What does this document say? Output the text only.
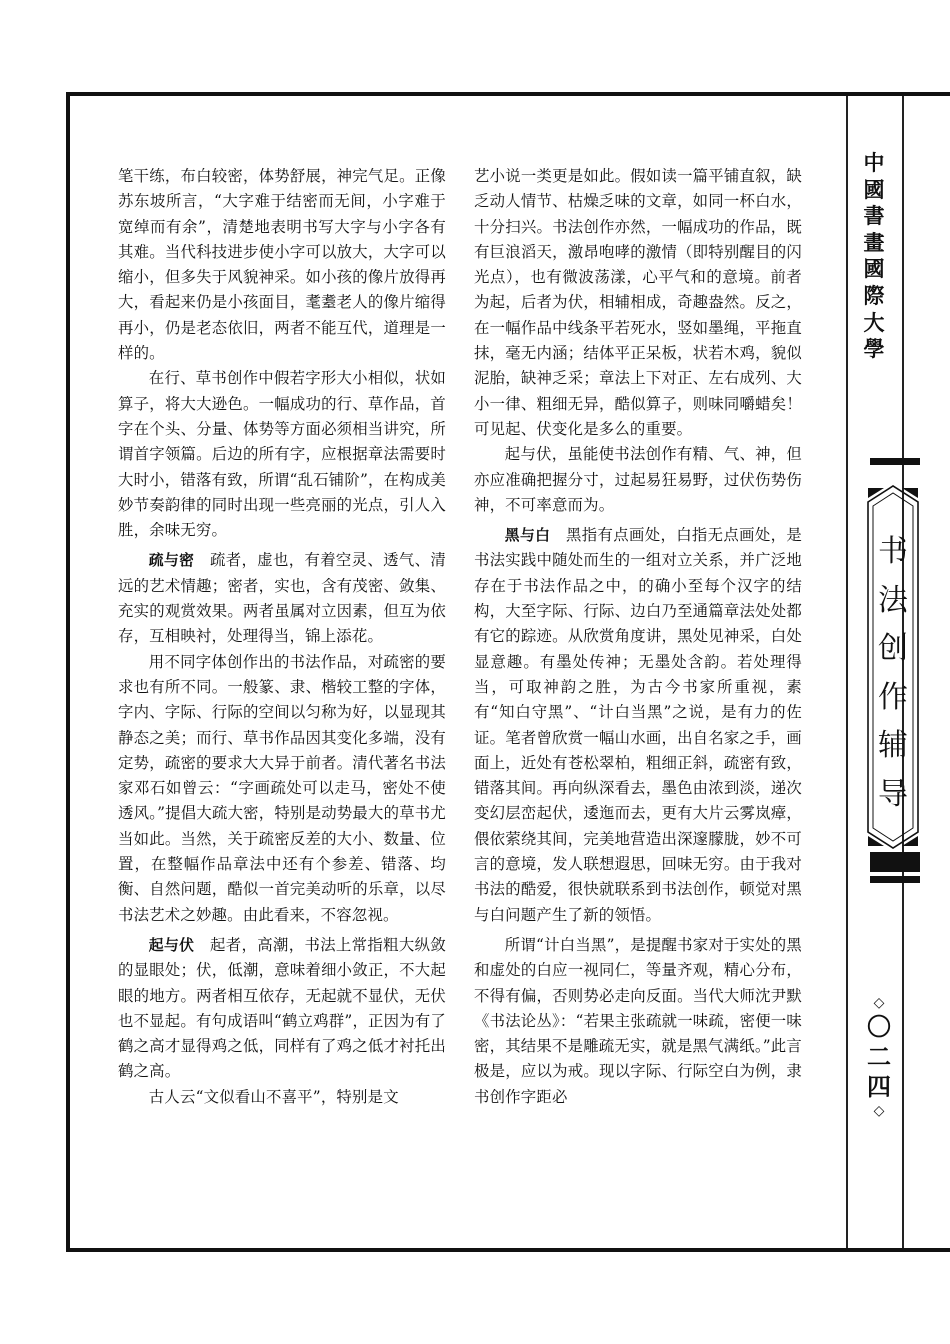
笔干练，布白较密，体势舒展，神完气足。正像苏东坡所言，“大字难于结密而无间，小字难于宽绰而有余”，清楚地表明书写大字与小字各有其难。当代科技进步使小字可以放大，大字可以缩小，但多失于风貌神采。如小孩的像片放得再大，看起来仍是小孩面目，耄耋老人的像片缩得再小，仍是老态依旧，两者不能互代，道理是一样的。

在行、草书创作中假若字形大小相似，状如算子，将大大逊色。一幅成功的行、草作品，首字在个头、分量、体势等方面必须相当讲究，所谓首字领篇。后边的所有字，应根据章法需要时大时小，错落有致，所谓“乱石铺阶”，在构成美妙节奏韵律的同时出现一些亮丽的光点，引人入胜，余味无穷。

疏与密  疏者，虚也，有着空灵、透气、清远的艺术情趣；密者，实也，含有茂密、敛集、充实的观赏效果。两者虽属对立因素，但互为依存，互相映衬，处理得当，锦上添花。

用不同字体创作出的书法作品，对疏密的要求也有所不同。一般篆、隶、楷较工整的字体，字内、字际、行际的空间以匀称为好，以显现其静态之美；而行、草书作品因其变化多端，没有定势，疏密的要求大大异于前者。清代著名书法家邓石如曾云：“字画疏处可以走马，密处不使透风。”提倡大疏大密，特别是动势最大的草书尤当如此。当然，关于疏密反差的大小、数量、位置，在整幅作品章法中还有个参差、错落、均衡、自然问题，酷似一首完美动听的乐章，以尽书法艺术之妙趣。由此看来，不容忽视。

起与伏  起者，高潮，书法上常指粗大纵敛的显眼处；伏，低潮，意味着细小敛正，不大起眼的地方。两者相互依存，无起就不显伏，无伏也不显起。有句成语叫“鹤立鸡群”，正因为有了鹤之高才显得鸡之低，同样有了鸡之低才衬托出鹤之高。

古人云“文似看山不喜平”，特别是文

艺小说一类更是如此。假如读一篇平铺直叙，缺乏动人情节、枯燥乏味的文章，如同一杯白水，十分扫兴。书法创作亦然，一幅成功的作品，既有巨浪滔天，激昂咆哮的激情（即特别醒目的闪光点），也有微波荡漾，心平气和的意境。前者为起，后者为伏，相辅相成，奇趣盎然。反之，在一幅作品中线条平若死水，竖如墨绳，平拖直抹，毫无内涵；结体平正呆板，状若木鸡，貌似泥胎，缺神乏采；章法上下对正、左右成列、大小一律、粗细无异，酷似算子，则味同嚼蜡矣！可见起、伏变化是多么的重要。

起与伏，虽能使书法创作有精、气、神，但亦应准确把握分寸，过起易狂易野，过伏伤势伤神，不可率意而为。

黑与白  黑指有点画处，白指无点画处，是书法实践中随处而生的一组对立关系，并广泛地存在于书法作品之中，的确小至每个汉字的结构，大至字际、行际、边白乃至通篇章法处处都有它的踪迹。从欣赏角度讲，黑处见神采，白处显意趣。有墨处传神；无墨处含韵。若处理得当，可取神韵之胜，为古今书家所重视，素有“知白守黑”、“计白当黑”之说，是有力的佐证。笔者曾欣赏一幅山水画，出自名家之手，画面上，近处有苍松翠柏，粗细正斜，疏密有致，错落其间。再向纵深看去，墨色由浓到淡，递次变幻层峦起伏，逶迤而去，更有大片云雾岚瘴，偎依萦绕其间，完美地营造出深邃朦胧，妙不可言的意境，发人联想遐思，回味无穷。由于我对书法的酷爱，很快就联系到书法创作，顿觉对黑与白问题产生了新的领悟。

所谓“计白当黑”，是提醒书家对于实处的黑和虚处的白应一视同仁，等量齐观，精心分布，不得有偏，否则势必走向反面。当代大师沈尹默《书法论丛》：“若果主张疏就一味疏，密便一味密，其结果不是雕疏无实，就是黑气满纸。”此言极是，应以为戒。现以字际、行际空白为例，隶书创作字距必

中
國
書
畫
國
際
大
學
书
法
创
作
辅
导
◇
〇
二
四
◇
